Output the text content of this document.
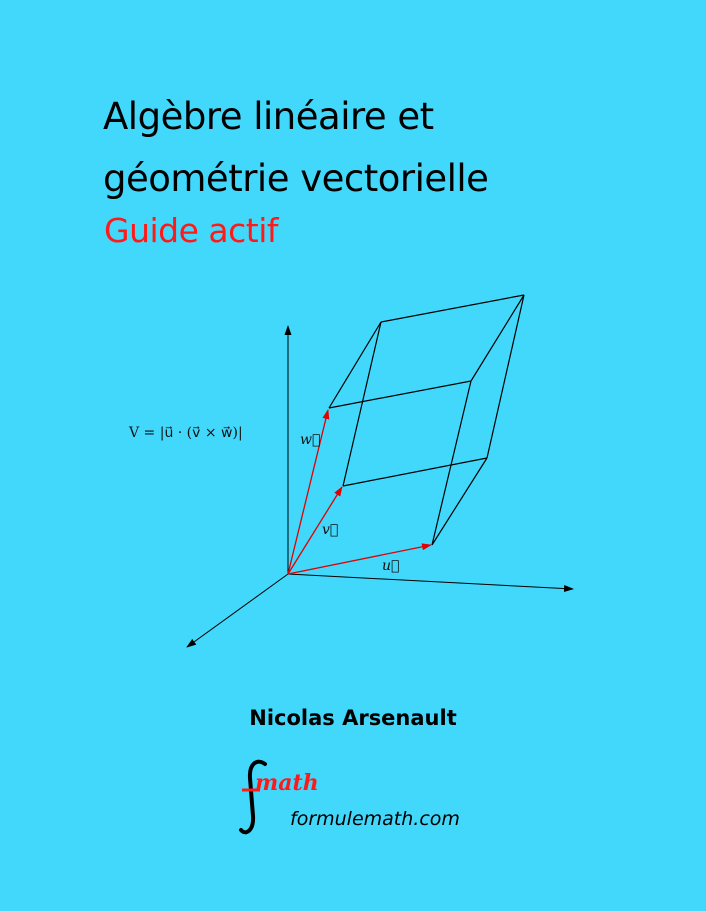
Algèbre linéaire et
géométrie vectorielle
Guide actif
u⃗
v⃗
w⃗
V = |u⃗ · (v⃗ × w⃗)|
Nicolas Arsenault
math
formulemath.com
